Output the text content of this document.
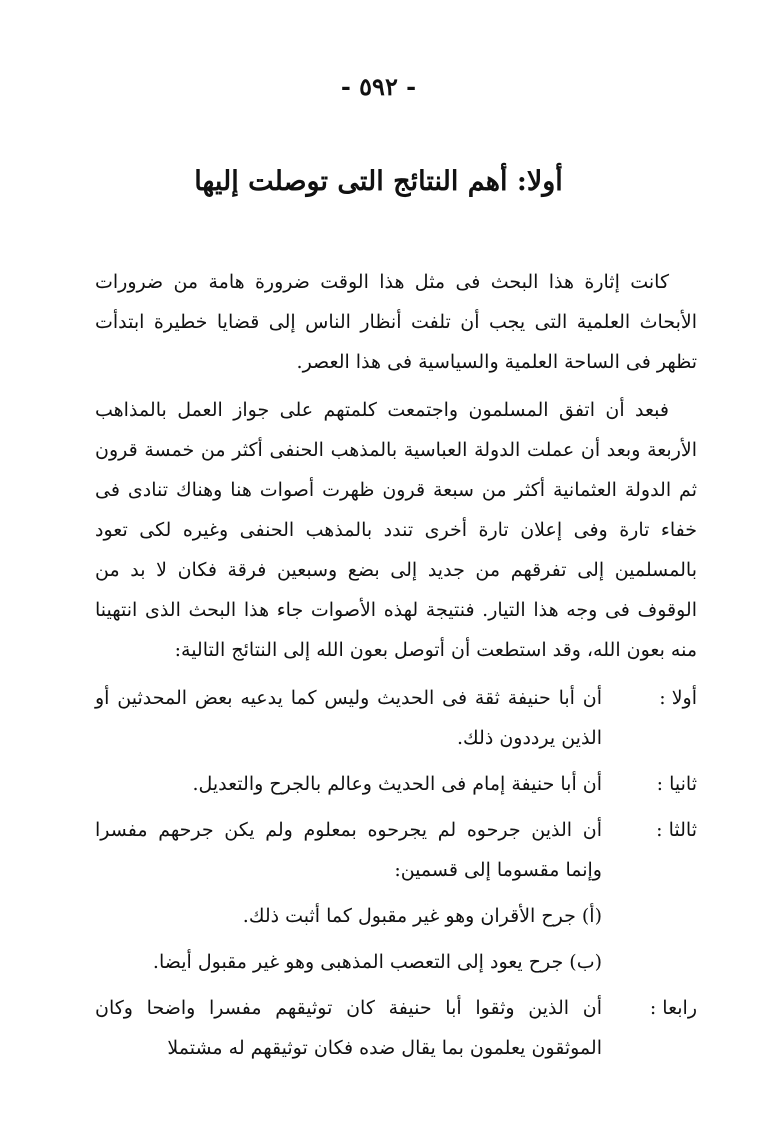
- ٥٩٢ -
أولا: أهم النتائج التى توصلت إليها

كانت إثارة هذا البحث فى مثل هذا الوقت ضرورة هامة من ضرورات الأبحاث العلمية التى يجب أن تلفت أنظار الناس إلى قضايا خطيرة ابتدأت تظهر فى الساحة العلمية والسياسية فى هذا العصر.

فبعد أن اتفق المسلمون واجتمعت كلمتهم على جواز العمل بالمذاهب الأربعة وبعد أن عملت الدولة العباسية بالمذهب الحنفى أكثر من خمسة قرون ثم الدولة العثمانية أكثر من سبعة قرون ظهرت أصوات هنا وهناك تنادى فى خفاء تارة وفى إعلان تارة أخرى تندد بالمذهب الحنفى وغيره لكى تعود بالمسلمين إلى تفرقهم من جديد إلى بضع وسبعين فرقة فكان لا بد من الوقوف فى وجه هذا التيار. فنتيجة لهذه الأصوات جاء هذا البحث الذى انتهينا منه بعون الله، وقد استطعت أن أتوصل بعون الله إلى النتائج التالية:

أولا :
أن أبا حنيفة ثقة فى الحديث وليس كما يدعيه بعض المحدثين أو الذين يرددون ذلك.
ثانيا :
أن أبا حنيفة إمام فى الحديث وعالم بالجرح والتعديل.
ثالثا :
أن الذين جرحوه لم يجرحوه بمعلوم ولم يكن جرحهم مفسرا وإنما مقسوما إلى قسمين:

(أ) جرح الأقران وهو غير مقبول كما أثبت ذلك.

(ب) جرح يعود إلى التعصب المذهبى وهو غير مقبول أيضا.

رابعا :
أن الذين وثقوا أبا حنيفة كان توثيقهم مفسرا واضحا وكان الموثقون يعلمون بما يقال ضده فكان توثيقهم له مشتملا
